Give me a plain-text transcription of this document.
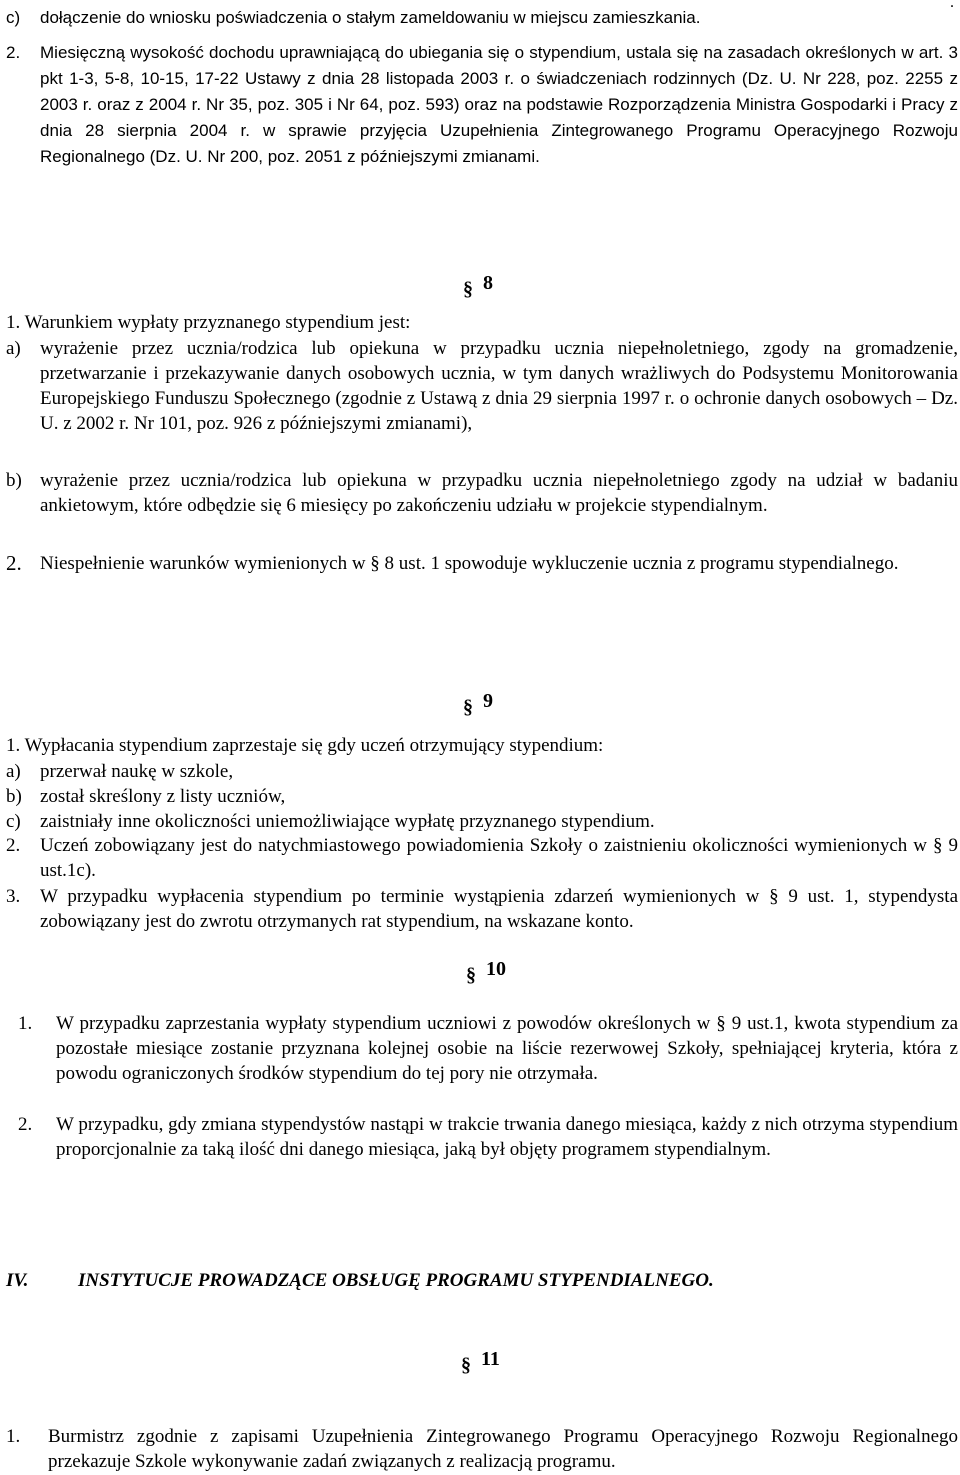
.
c) dołączenie do wniosku poświadczenia o stałym zameldowaniu w miejscu zamieszkania.
2. Miesięczną wysokość dochodu uprawniającą do ubiegania się o stypendium, ustala się na zasadach określonych w art. 3 pkt 1-3, 5-8, 10-15, 17-22 Ustawy z dnia 28 listopada 2003 r. o świadczeniach rodzinnych (Dz. U. Nr 228, poz. 2255 z 2003 r. oraz z 2004 r. Nr 35, poz. 305 i Nr 64, poz. 593) oraz na podstawie Rozporządzenia Ministra Gospodarki i Pracy z dnia 28 sierpnia 2004 r. w sprawie przyjęcia Uzupełnienia Zintegrowanego Programu Operacyjnego Rozwoju Regionalnego (Dz. U. Nr 200, poz. 2051 z późniejszymi zmianami.
§ 8
1. Warunkiem wypłaty przyznanego stypendium jest:
a) wyrażenie przez ucznia/rodzica lub opiekuna w przypadku ucznia niepełnoletniego, zgody na gromadzenie, przetwarzanie i przekazywanie danych osobowych ucznia, w tym danych wrażliwych do Podsystemu Monitorowania Europejskiego Funduszu Społecznego (zgodnie z Ustawą z dnia 29 sierpnia 1997 r. o ochronie danych osobowych – Dz. U. z 2002 r. Nr 101, poz. 926 z późniejszymi zmianami),
b) wyrażenie przez ucznia/rodzica lub opiekuna w przypadku ucznia niepełnoletniego zgody na udział w badaniu ankietowym, które odbędzie się 6 miesięcy po zakończeniu udziału w projekcie stypendialnym.
2. Niespełnienie warunków wymienionych w § 8 ust. 1 spowoduje wykluczenie ucznia z programu stypendialnego.
§ 9
1. Wypłacania stypendium zaprzestaje się gdy uczeń otrzymujący stypendium:
a) przerwał naukę w szkole,
b) został skreślony z listy uczniów,
c) zaistniały inne okoliczności uniemożliwiające wypłatę przyznanego stypendium.
2. Uczeń zobowiązany jest do natychmiastowego powiadomienia Szkoły o zaistnieniu okoliczności wymienionych w § 9 ust.1c).
3. W przypadku wypłacenia stypendium po terminie wystąpienia zdarzeń wymienionych w § 9 ust. 1, stypendysta zobowiązany jest do zwrotu otrzymanych rat stypendium, na wskazane konto.
§ 10
1. W przypadku zaprzestania wypłaty stypendium uczniowi z powodów określonych w § 9 ust.1, kwota stypendium za pozostałe miesiące zostanie przyznana kolejnej osobie na liście rezerwowej Szkoły, spełniającej kryteria, która z powodu ograniczonych środków stypendium do tej pory nie otrzymała.
2. W przypadku, gdy zmiana stypendystów nastąpi w trakcie trwania danego miesiąca, każdy z nich otrzyma stypendium proporcjonalnie za taką ilość dni danego miesiąca, jaką był objęty programem stypendialnym.
IV.	INSTYTUCJE PROWADZĄCE OBSŁUGĘ PROGRAMU STYPENDIALNEGO.
§ 11
1. Burmistrz zgodnie z zapisami Uzupełnienia Zintegrowanego Programu Operacyjnego Rozwoju Regionalnego przekazuje Szkole wykonywanie zadań związanych z realizacją programu.
